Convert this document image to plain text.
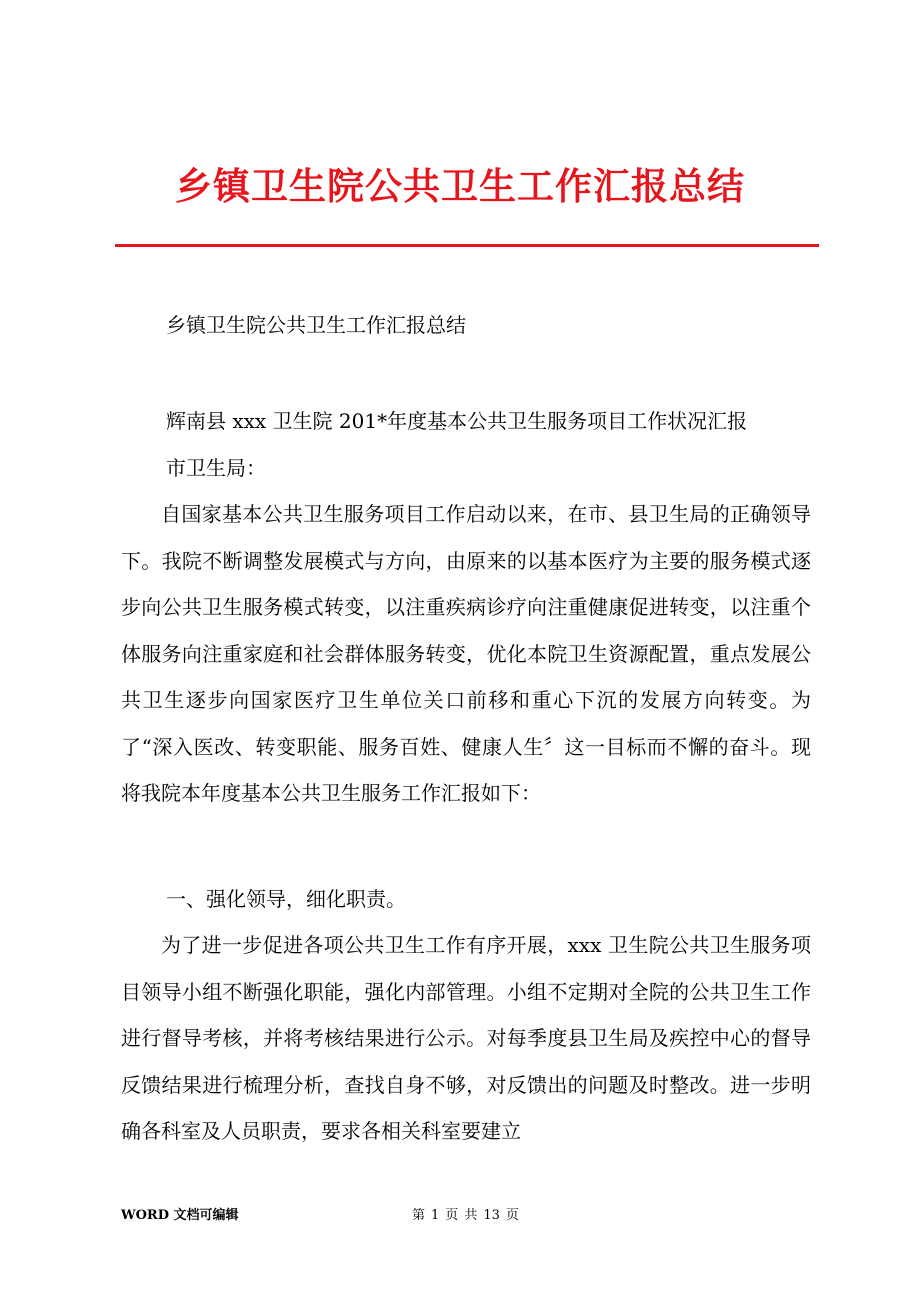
乡镇卫生院公共卫生工作汇报总结
乡镇卫生院公共卫生工作汇报总结
辉南县 xxx 卫生院 201*年度基本公共卫生服务项目工作状况汇报
市卫生局：

自国家基本公共卫生服务项目工作启动以来，在市、县卫生局的正确领导下。我院不断调整发展模式与方向，由原来的以基本医疗为主要的服务模式逐步向公共卫生服务模式转变，以注重疾病诊疗向注重健康促进转变，以注重个体服务向注重家庭和社会群体服务转变，优化本院卫生资源配置，重点发展公共卫生逐步向国家医疗卫生单位关口前移和重心下沉的发展方向转变。为了“深入医改、转变职能、服务百姓、健康人生〞这一目标而不懈的奋斗。现将我院本年度基本公共卫生服务工作汇报如下：

一、强化领导，细化职责。

为了进一步促进各项公共卫生工作有序开展，xxx 卫生院公共卫生服务项目领导小组不断强化职能，强化内部管理。小组不定期对全院的公共卫生工作进行督导考核，并将考核结果进行公示。对每季度县卫生局及疾控中心的督导反馈结果进行梳理分析，查找自身不够，对反馈出的问题及时整改。进一步明确各科室及人员职责，要求各相关科室要建立

WORD 文档可编辑	第 1 页 共 13 页
